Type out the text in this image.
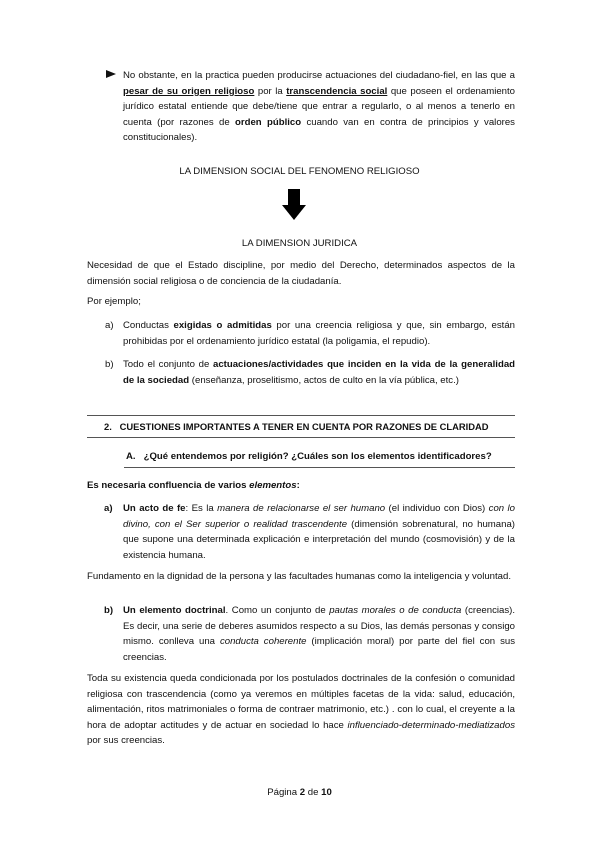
No obstante, en la practica pueden producirse actuaciones del ciudadano-fiel, en las que a pesar de su origen religioso por la transcendencia social que poseen el ordenamiento jurídico estatal entiende que debe/tiene que entrar a regularlo, o al menos a tenerlo en cuenta (por razones de orden público cuando van en contra de principios y valores constitucionales).
LA DIMENSION SOCIAL DEL FENOMENO RELIGIOSO
LA DIMENSION JURIDICA
Necesidad de que el Estado discipline, por medio del Derecho, determinados aspectos de la dimensión social religiosa o de conciencia de la ciudadanía.
Por ejemplo;
a) Conductas exigidas o admitidas por una creencia religiosa y que, sin embargo, están prohibidas por el ordenamiento jurídico estatal (la poligamia, el repudio).
b) Todo el conjunto de actuaciones/actividades que inciden en la vida de la generalidad de la sociedad (enseñanza, proselitismo, actos de culto en la vía pública, etc.)
2.   CUESTIONES IMPORTANTES A TENER EN CUENTA POR RAZONES DE CLARIDAD
A.   ¿Qué entendemos por religión? ¿Cuáles son los elementos identificadores?
Es necesaria confluencia de varios elementos:
a) Un acto de fe: Es la manera de relacionarse el ser humano (el individuo con Dios) con lo divino, con el Ser superior o realidad trascendente (dimensión sobrenatural, no humana) que supone una determinada explicación e interpretación del mundo (cosmovisión) y de la existencia humana.
Fundamento en la dignidad de la persona y las facultades humanas como la inteligencia y voluntad.
b) Un elemento doctrinal. Como un conjunto de pautas morales o de conducta (creencias). Es decir, una serie de deberes asumidos respecto a su Dios, las demás personas y consigo mismo. conlleva una conducta coherente (implicación moral) por parte del fiel con sus creencias.
Toda su existencia queda condicionada por los postulados doctrinales de la confesión o comunidad religiosa con trascendencia (como ya veremos en múltiples facetas de la vida: salud, educación, alimentación, ritos matrimoniales o forma de contraer matrimonio, etc.) . con lo cual, el creyente a la hora de adoptar actitudes y de actuar en sociedad lo hace influenciado-determinado-mediatizados por sus creencias.
Página 2 de 10
